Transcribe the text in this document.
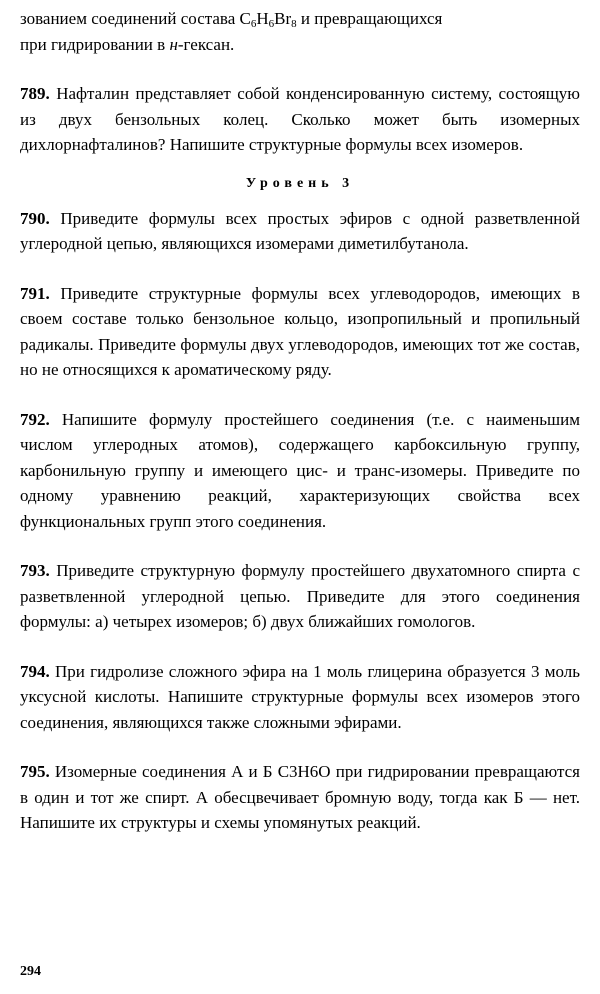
зованием соединений состава $C_6H_6Br_8$ и превращающихся
при гидрировании в н-гексан.

789. Нафталин представляет собой конденсированную систему, состоящую из двух бензольных колец. Сколько может быть изомерных дихлорнафталинов? Напишите структурные формулы всех изомеров.

Уровень 3

790. Приведите формулы всех простых эфиров с одной разветвленной углеродной цепью, являющихся изомерами диметилбутанола.

791. Приведите структурные формулы всех углеводородов, имеющих в своем составе только бензольное кольцо, изопропильный и пропильный радикалы. Приведите формулы двух углеводородов, имеющих тот же состав, но не относящихся к ароматическому ряду.

792. Напишите формулу простейшего соединения (т.е. с наименьшим числом углеродных атомов), содержащего карбоксильную группу, карбонильную группу и имеющего цис- и транс-изомеры. Приведите по одному уравнению реакций, характеризующих свойства всех функциональных групп этого соединения.

793. Приведите структурную формулу простейшего двухатомного спирта с разветвленной углеродной цепью. Приведите для этого соединения формулы: а) четырех изомеров; б) двух ближайших гомологов.

794. При гидролизе сложного эфира на 1 моль глицерина образуется 3 моль уксусной кислоты. Напишите структурные формулы всех изомеров этого соединения, являющихся также сложными эфирами.

795. Изомерные соединения А и Б C3H6O при гидрировании превращаются в один и тот же спирт. А обесцвечивает бромную воду, тогда как Б — нет. Напишите их структуры и схемы упомянутых реакций.

294
